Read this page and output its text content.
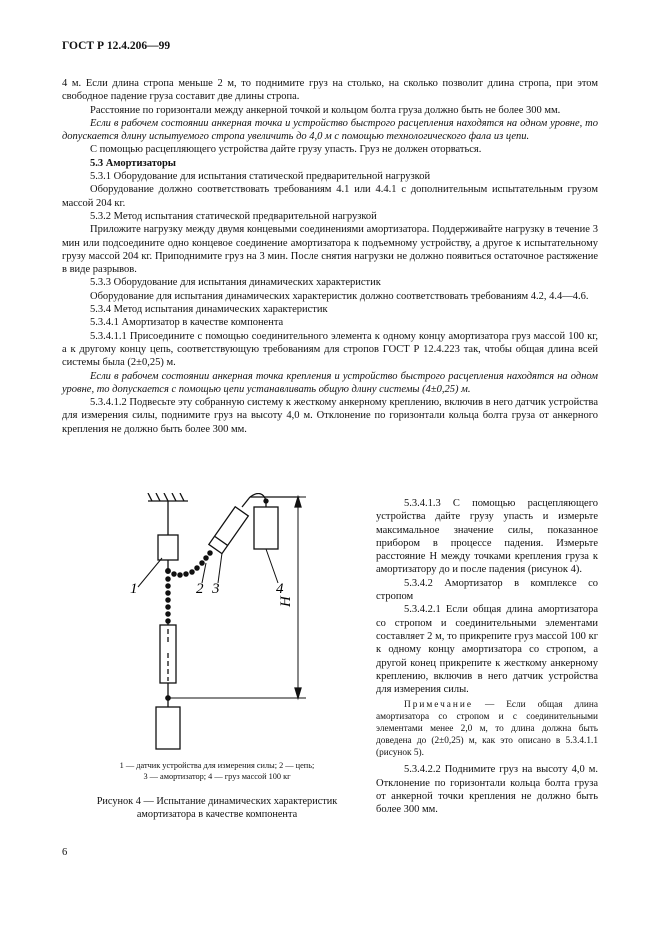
ГОСТ Р 12.4.206—99

4 м. Если длина стропа меньше 2 м, то поднимите груз на столько, на сколько позволит длина стропа, при этом свободное падение груза составит две длины стропа.

Расстояние по горизонтали между анкерной точкой и кольцом болта груза должно быть не более 300 мм.

Если в рабочем состоянии анкерная точка и устройство быстрого расцепления находятся на одном уровне, то допускается длину испытуемого стропа увеличить до 4,0 м с помощью технологического фала из цепи.

С помощью расцепляющего устройства дайте грузу упасть. Груз не должен оторваться.

5.3 Амортизаторы

5.3.1 Оборудование для испытания статической предварительной нагрузкой

Оборудование должно соответствовать требованиям 4.1 или 4.4.1 с дополнительным испытательным грузом массой 204 кг.

5.3.2 Метод испытания статической предварительной нагрузкой

Приложите нагрузку между двумя концевыми соединениями амортизатора. Поддерживайте нагрузку в течение 3 мин или подсоедините одно концевое соединение амортизатора к подъемному устройству, а другое к испытательному грузу массой 204 кг. Приподнимите груз на 3 мин. После снятия нагрузки не должно появиться остаточное растяжение в виде разрывов.

5.3.3 Оборудование для испытания динамических характеристик

Оборудование для испытания динамических характеристик должно соответствовать требованиям 4.2, 4.4—4.6.

5.3.4 Метод испытания динамических характеристик

5.3.4.1 Амортизатор в качестве компонента

5.3.4.1.1 Присоедините с помощью соединительного элемента к одному концу амортизатора груз массой 100 кг, а к другому концу цепь, соответствующую требованиям для стропов ГОСТ Р 12.4.223 так, чтобы общая длина всей системы была (2±0,25) м.

Если в рабочем состоянии анкерная точка крепления и устройство быстрого расцепления находятся на одном уровне, то допускается с помощью цепи устанавливать общую длину системы (4±0,25) м.

5.3.4.1.2 Подвесьте эту собранную систему к жесткому анкерному креплению, включив в него датчик устройства для измерения силы, поднимите груз на высоту 4,0 м. Отклонение по горизонтали кольца болта груза от анкерного крепления не должно быть более 300 мм.

1	2 3	4
H
1 — датчик устройства для измерения силы; 2 — цепь;
3 — амортизатор; 4 — груз массой 100 кг
Рисунок 4 — Испытание динамических характеристик
амортизатора в качестве компонента

5.3.4.1.3 С помощью расцепляющего устройства дайте грузу упасть и измерьте максимальное значение силы, показанное прибором в процессе падения. Измерьте расстояние H между точками крепления груза к амортизатору до и после падения (рисунок 4).

5.3.4.2 Амортизатор в комплексе со стропом

5.3.4.2.1 Если общая длина амортизатора со стропом и соединительными элементами составляет 2 м, то прикрепите груз массой 100 кг к одному концу амортизатора со стропом, а другой конец прикрепите к жесткому анкерному креплению, включив в него датчик устройства для измерения силы.

Примечание — Если общая длина амортизатора со стропом и с соединительными элементами менее 2,0 м, то длина должна быть доведена до (2±0,25) м, как это описано в 5.3.4.1.1 (рисунок 5).

5.3.4.2.2 Поднимите груз на высоту 4,0 м. Отклонение по горизонтали кольца болта груза от анкерной точки крепления не должно быть более 300 мм.

6
